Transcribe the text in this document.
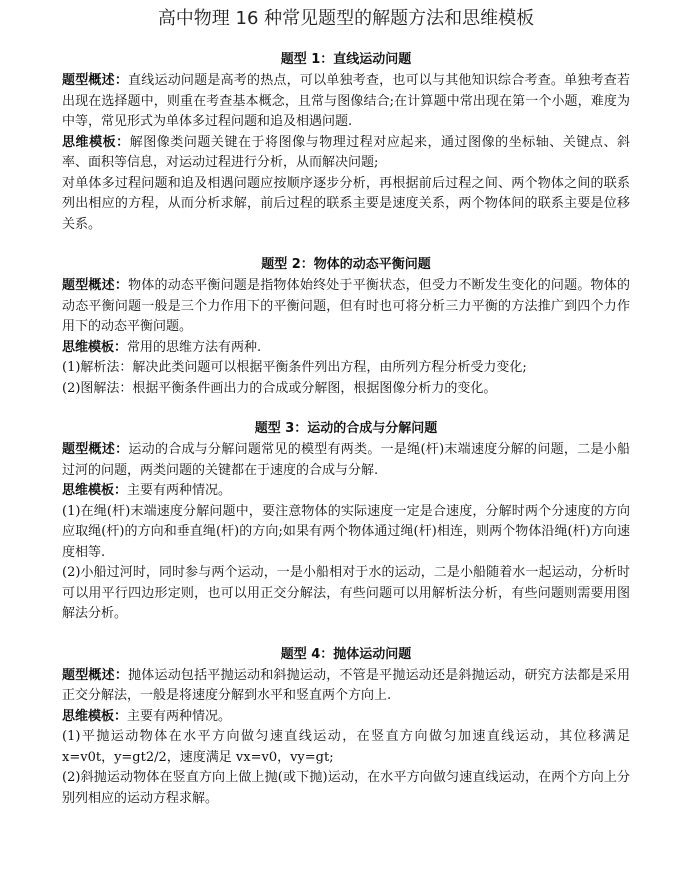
高中物理 16 种常见题型的解题方法和思维模板
题型 1：直线运动问题

题型概述：直线运动问题是高考的热点，可以单独考查，也可以与其他知识综合考查。单独考查若出现在选择题中，则重在考查基本概念，且常与图像结合;在计算题中常出现在第一个小题，难度为中等，常见形式为单体多过程问题和追及相遇问题.

思维模板：解图像类问题关键在于将图像与物理过程对应起来，通过图像的坐标轴、关键点、斜率、面积等信息，对运动过程进行分析，从而解决问题;

对单体多过程问题和追及相遇问题应按顺序逐步分析，再根据前后过程之间、两个物体之间的联系列出相应的方程，从而分析求解，前后过程的联系主要是速度关系，两个物体间的联系主要是位移关系。

题型 2：物体的动态平衡问题

题型概述：物体的动态平衡问题是指物体始终处于平衡状态，但受力不断发生变化的问题。物体的动态平衡问题一般是三个力作用下的平衡问题，但有时也可将分析三力平衡的方法推广到四个力作用下的动态平衡问题。

思维模板：常用的思维方法有两种.

(1)解析法：解决此类问题可以根据平衡条件列出方程，由所列方程分析受力变化;

(2)图解法：根据平衡条件画出力的合成或分解图，根据图像分析力的变化。

题型 3：运动的合成与分解问题

题型概述：运动的合成与分解问题常见的模型有两类。一是绳(杆)末端速度分解的问题，二是小船过河的问题，两类问题的关键都在于速度的合成与分解.

思维模板：主要有两种情况。

(1)在绳(杆)末端速度分解问题中，要注意物体的实际速度一定是合速度，分解时两个分速度的方向应取绳(杆)的方向和垂直绳(杆)的方向;如果有两个物体通过绳(杆)相连，则两个物体沿绳(杆)方向速度相等.

(2)小船过河时，同时参与两个运动，一是小船相对于水的运动，二是小船随着水一起运动，分析时可以用平行四边形定则，也可以用正交分解法，有些问题可以用解析法分析，有些问题则需要用图解法分析。

题型 4：抛体运动问题

题型概述：抛体运动包括平抛运动和斜抛运动，不管是平抛运动还是斜抛运动，研究方法都是采用正交分解法，一般是将速度分解到水平和竖直两个方向上.

思维模板：主要有两种情况。

(1)平抛运动物体在水平方向做匀速直线运动，在竖直方向做匀加速直线运动，其位移满足 x=v0t，y=gt2/2，速度满足 vx=v0，vy=gt;

(2)斜抛运动物体在竖直方向上做上抛(或下抛)运动，在水平方向做匀速直线运动，在两个方向上分别列相应的运动方程求解。
